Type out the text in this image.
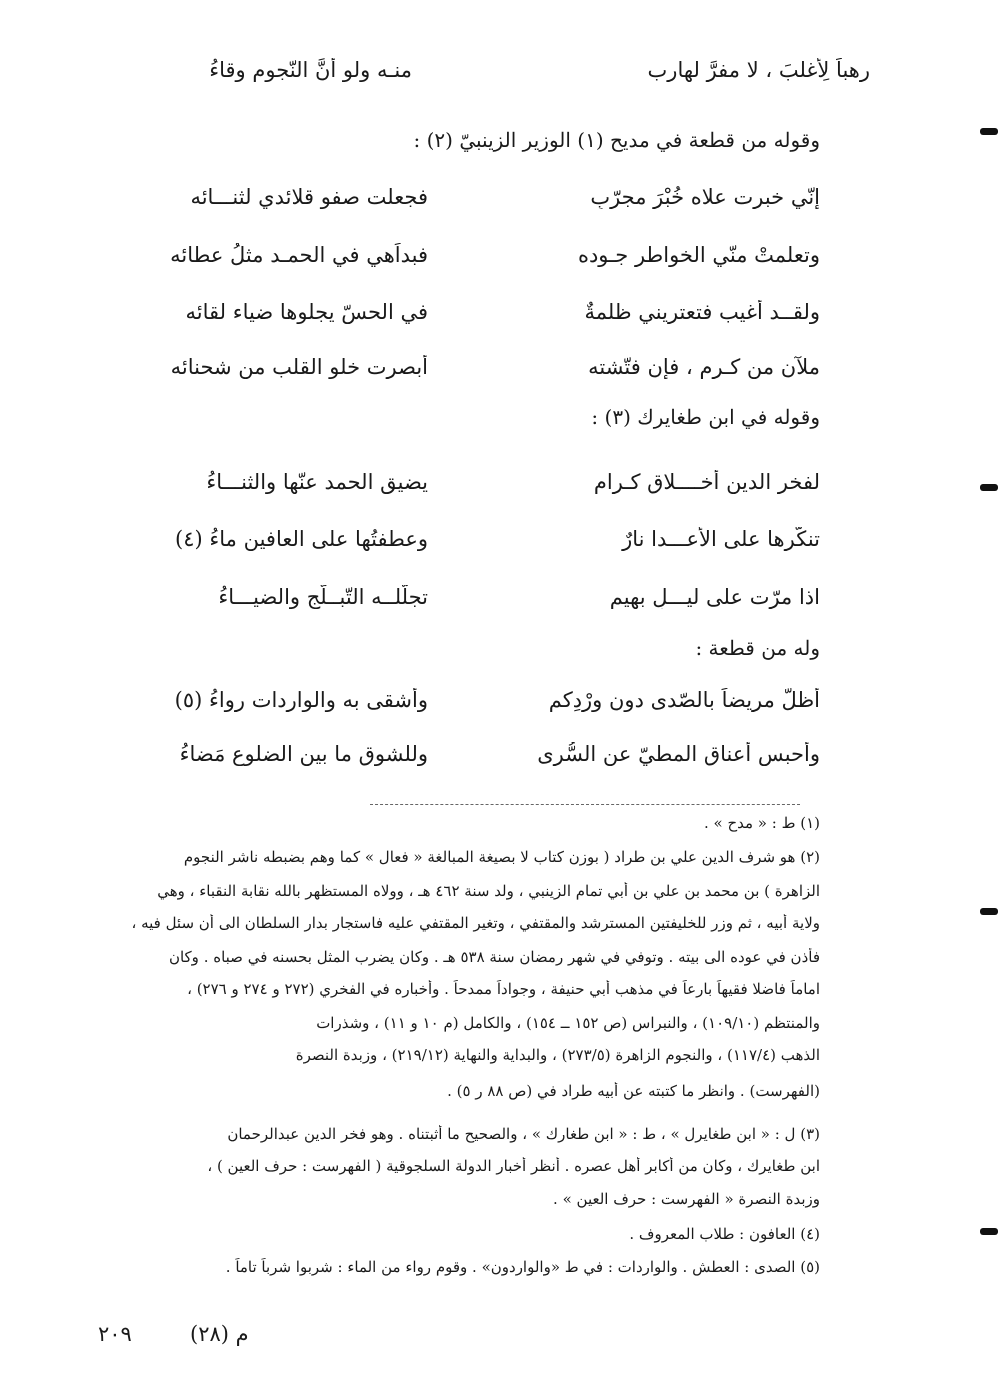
رهباً لِأغلبَ ، لا مفرَّ لهارب
منـه ولو أنَّ النّجوم وقاءُ
وقوله من قطعة في مديح (١) الوزير الزينبيّ (٢) :
إنّي خبرت علاه خُبْرَ مجرّبٍ
فجعلت صفو قلائدي لثنـــائه
وتعلمتْ منّي الخواطر جـوده
فبداَهي في الحمـد مثلُ عطائه
ولقــد أغيب فتعتريني ظلمةٌ
في الحسّ يجلوها ضياء لقائه
ملآن من كـرم ، فإن فتّشته
أبصرت خلو القلب من شحنائه
وقوله في ابن طغايرك (٣) :
لفخر الدين أخــــلاق كـرام
يضيق الحمد عنّها والثنـــاءُ
تنكّرها على الأعـــدا نارٌ
وعطفتُها على العافين ماءُ (٤)
اذا مرّت على ليـــلٍ بهيمٍ
تجلّلــه التّبــلّج والضيـــاءُ
وله من قطعة :
أظلّ مريضاً بالصّدى دون وِرْدِكم
وأشقى به والواردات رِواءُ (٥)
وأحبس أعناق المطيّ عن السُّرى
وللشوق ما بين الضلوع مَضاءُ
(١) ط : « مدح » .
(٢) هو شرف الدين علي بن طراد ( بوزن كتاب لا بصيغة المبالغة « فعال » كما وهم بضبطه ناشر النجوم
الزاهرة ) بن محمد بن علي بن أبي تمام الزينبي ، ولد سنة ٤٦٢ هـ ، وولاه المستظهر بالله نقابة النقباء ، وهي
ولاية أبيه ، ثم وزر للخليفتين المسترشد والمقتفي ، وتغير المقتفي عليه فاستجار بدار السلطان الى أن سئل فيه ،
فأذن في عوده الى بيته . وتوفي في شهر رمضان سنة ٥٣٨ هـ . وكان يضرب المثل بحسنه في صباه . وكان
اماماً فاضلا فقيهاً بارعاً في مذهب أبي حنيفة ، وجواداً ممدحاً . وأخباره في الفخري (٢٧٢ و ٢٧٤ و ٢٧٦) ،
والمنتظم (١٠٩/١٠) ، والنبراس (ص ١٥٢ ــ ١٥٤) ، والكامل (م ١٠ و ١١) ، وشذرات
الذهب (١١٧/٤) ، والنجوم الزاهرة (٢٧٣/٥) ، والبداية والنهاية (٢١٩/١٢) ، وزبدة النصرة
(الفهرست) . وانظر ما كتبته عن أبيه طراد في (ص ٨٨ ر ٥) .
(٣) ل : « ابن طغايرل » ، ط : « ابن طغارك » ، والصحيح ما أثبتناه . وهو فخر الدين عبدالرحمان
ابن طغايرك ، وكان من أكابر أهل عصره . أنظر أخبار الدولة السلجوقية ( الفهرست : حرف العين ) ،
وزبدة النصرة « الفهرست : حرف العين » .
(٤) العافون : طلاب المعروف .
(٥) الصدى : العطش . والواردات : في ط «والواردون» . وقوم رواء من الماء : شربوا شرباً تاماً .
م (٢٨)
٢٠٩
